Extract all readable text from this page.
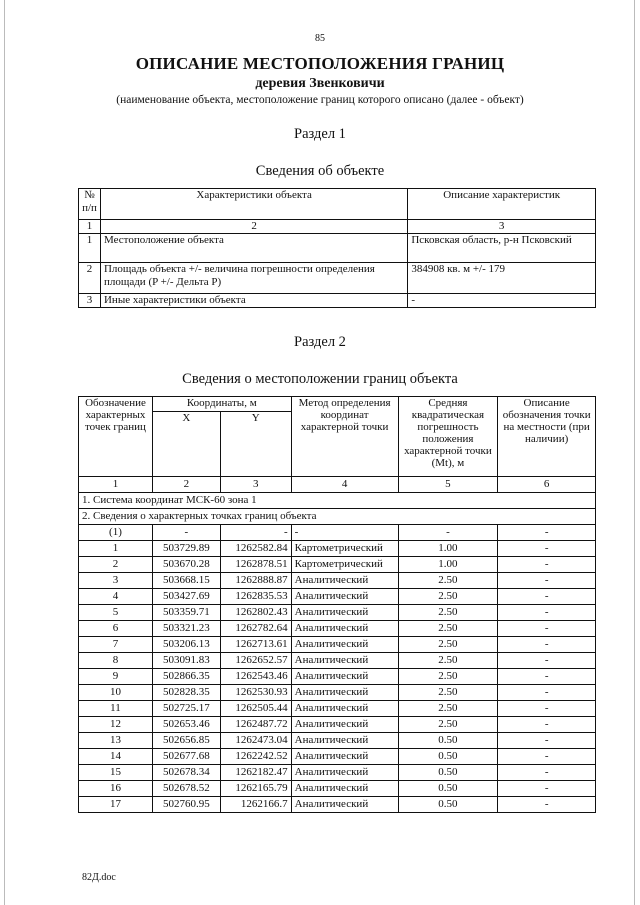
85
ОПИСАНИЕ МЕСТОПОЛОЖЕНИЯ ГРАНИЦ
деревия Звенковичи
(наименование объекта, местоположение границ которого описано (далее - объект)
Раздел 1
Сведения об объекте
№ п/п	Характеристики объекта	Описание характеристик
1	2	3
1	Местоположение объекта	Псковская область, р-н Псковский
2	Площадь объекта +/- величина погрешности определения площади (P +/- Дельта P)	384908 кв. м +/- 179
3	Иные характеристики объекта	-
Раздел 2
Сведения о местоположении границ объекта
Обозначение характерных точек границ	Координаты, м		Метод определения координат характерной точки	Средняя квадратическая погрешность положения характерной точки (Mt), м	Описание обозначения точки на местности (при наличии)
	X	Y			
1	2	3	4	5	6
1. Система координат МСК-60 зона 1					
2. Сведения о характерных точках границ объекта					
(1)	-	-	-	-	-
1	503729.89	1262582.84	Картометрический	1.00	-
2	503670.28	1262878.51	Картометрический	1.00	-
3	503668.15	1262888.87	Аналитический	2.50	-
4	503427.69	1262835.53	Аналитический	2.50	-
5	503359.71	1262802.43	Аналитический	2.50	-
6	503321.23	1262782.64	Аналитический	2.50	-
7	503206.13	1262713.61	Аналитический	2.50	-
8	503091.83	1262652.57	Аналитический	2.50	-
9	502866.35	1262543.46	Аналитический	2.50	-
10	502828.35	1262530.93	Аналитический	2.50	-
11	502725.17	1262505.44	Аналитический	2.50	-
12	502653.46	1262487.72	Аналитический	2.50	-
13	502656.85	1262473.04	Аналитический	0.50	-
14	502677.68	1262242.52	Аналитический	0.50	-
15	502678.34	1262182.47	Аналитический	0.50	-
16	502678.52	1262165.79	Аналитический	0.50	-
17	502760.95	1262166.7	Аналитический	0.50	-
82Д.doc
